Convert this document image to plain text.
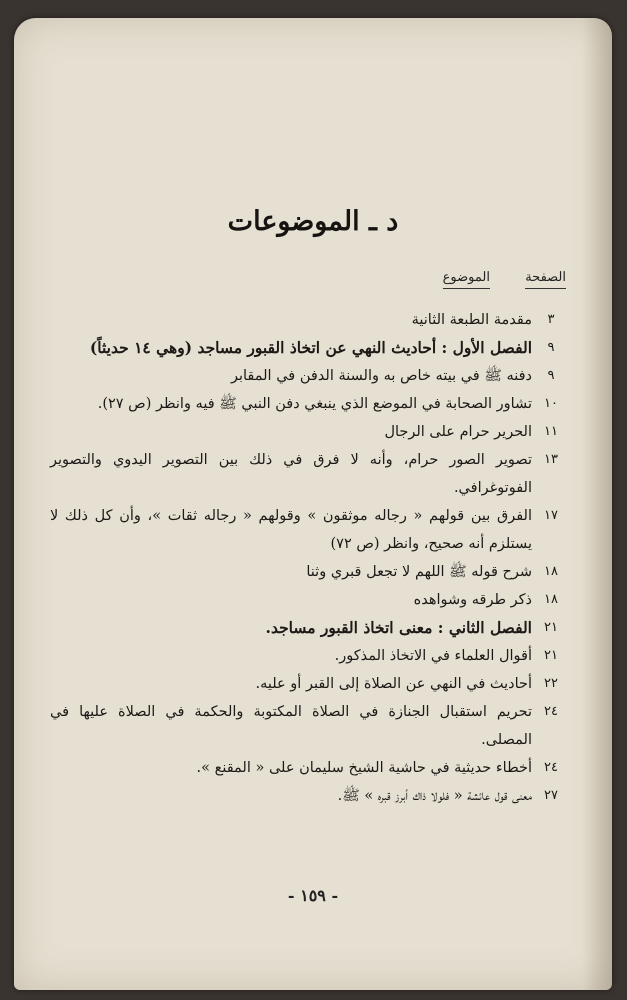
د ـ الموضوعات
الصفحة
الموضوع
٣
مقدمة الطبعة الثانية
٩
الفصل الأول : أحاديث النهي عن اتخاذ القبور مساجد (وهي ١٤ حديثاً)
٩
دفنه ﷺ في بيته خاص به والسنة الدفن في المقابر
١٠
تشاور الصحابة في الموضع الذي ينبغي دفن النبي ﷺ فيه وانظر (ص ٢٧).
١١
الحرير حرام على الرجال
١٣
تصوير الصور حرام، وأنه لا فرق في ذلك بين التصوير اليدوي والتصوير الفوتوغرافي.
١٧
الفرق بين قولهم « رجاله موثقون » وقولهم « رجاله ثقات »، وأن كل ذلك لا يستلزم أنه صحيح، وانظر (ص ٧٢)
١٨
شرح قوله ﷺ اللهم لا تجعل قبري وثنا
١٨
ذكر طرقه وشواهده
٢١
الفصل الثاني : معنى اتخاذ القبور مساجد.
٢١
أقوال العلماء في الاتخاذ المذكور.
٢٢
أحاديث في النهي عن الصلاة إلى القبر أو عليه.
٢٤
تحريم استقبال الجنازة في الصلاة المكتوبة والحكمة في الصلاة عليها في المصلى.
٢٤
أخطاء حديثية في حاشية الشيخ سليمان على « المقنع ».
٢٧
معنى قول عائشة « فلولا ذاك أبرز قبره » ﷺ.
- ١٥٩ -
